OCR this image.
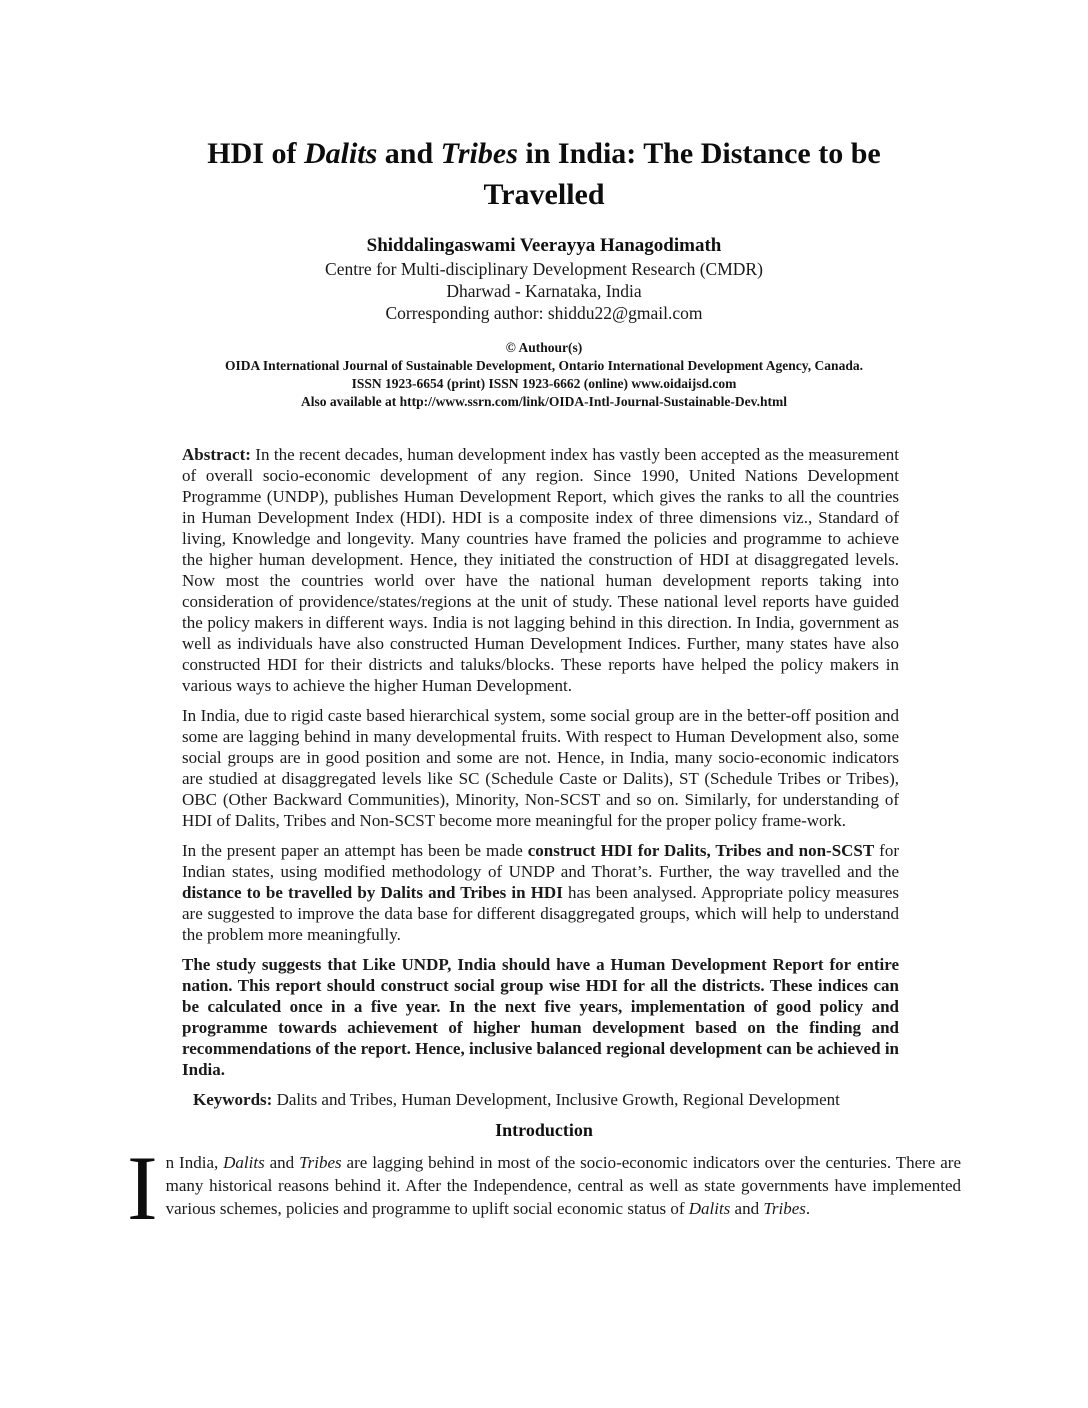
HDI of Dalits and Tribes in India: The Distance to be Travelled
Shiddalingaswami Veerayya Hanagodimath
Centre for Multi-disciplinary Development Research (CMDR)
Dharwad - Karnataka, India
Corresponding author: shiddu22@gmail.com
© Authour(s)
OIDA International Journal of Sustainable Development, Ontario International Development Agency, Canada.
ISSN 1923-6654 (print) ISSN 1923-6662 (online) www.oidaijsd.com
Also available at http://www.ssrn.com/link/OIDA-Intl-Journal-Sustainable-Dev.html

Abstract: In the recent decades, human development index has vastly been accepted as the measurement of overall socio-economic development of any region. Since 1990, United Nations Development Programme (UNDP), publishes Human Development Report, which gives the ranks to all the countries in Human Development Index (HDI). HDI is a composite index of three dimensions viz., Standard of living, Knowledge and longevity. Many countries have framed the policies and programme to achieve the higher human development. Hence, they initiated the construction of HDI at disaggregated levels. Now most the countries world over have the national human development reports taking into consideration of providence/states/regions at the unit of study. These national level reports have guided the policy makers in different ways. India is not lagging behind in this direction. In India, government as well as individuals have also constructed Human Development Indices. Further, many states have also constructed HDI for their districts and taluks/blocks. These reports have helped the policy makers in various ways to achieve the higher Human Development.

In India, due to rigid caste based hierarchical system, some social group are in the better-off position and some are lagging behind in many developmental fruits. With respect to Human Development also, some social groups are in good position and some are not. Hence, in India, many socio-economic indicators are studied at disaggregated levels like SC (Schedule Caste or Dalits), ST (Schedule Tribes or Tribes), OBC (Other Backward Communities), Minority, Non-SCST and so on. Similarly, for understanding of HDI of Dalits, Tribes and Non-SCST become more meaningful for the proper policy frame-work.

In the present paper an attempt has been be made construct HDI for Dalits, Tribes and non-SCST for Indian states, using modified methodology of UNDP and Thorat’s. Further, the way travelled and the distance to be travelled by Dalits and Tribes in HDI has been analysed. Appropriate policy measures are suggested to improve the data base for different disaggregated groups, which will help to understand the problem more meaningfully.

The study suggests that Like UNDP, India should have a Human Development Report for entire nation. This report should construct social group wise HDI for all the districts. These indices can be calculated once in a five year. In the next five years, implementation of good policy and programme towards achievement of higher human development based on the finding and recommendations of the report. Hence, inclusive balanced regional development can be achieved in India.

Keywords: Dalits and Tribes, Human Development, Inclusive Growth, Regional Development

Introduction

In India, Dalits and Tribes are lagging behind in most of the socio-economic indicators over the centuries. There are many historical reasons behind it. After the Independence, central as well as state governments have implemented various schemes, policies and programme to uplift social economic status of Dalits and Tribes.
